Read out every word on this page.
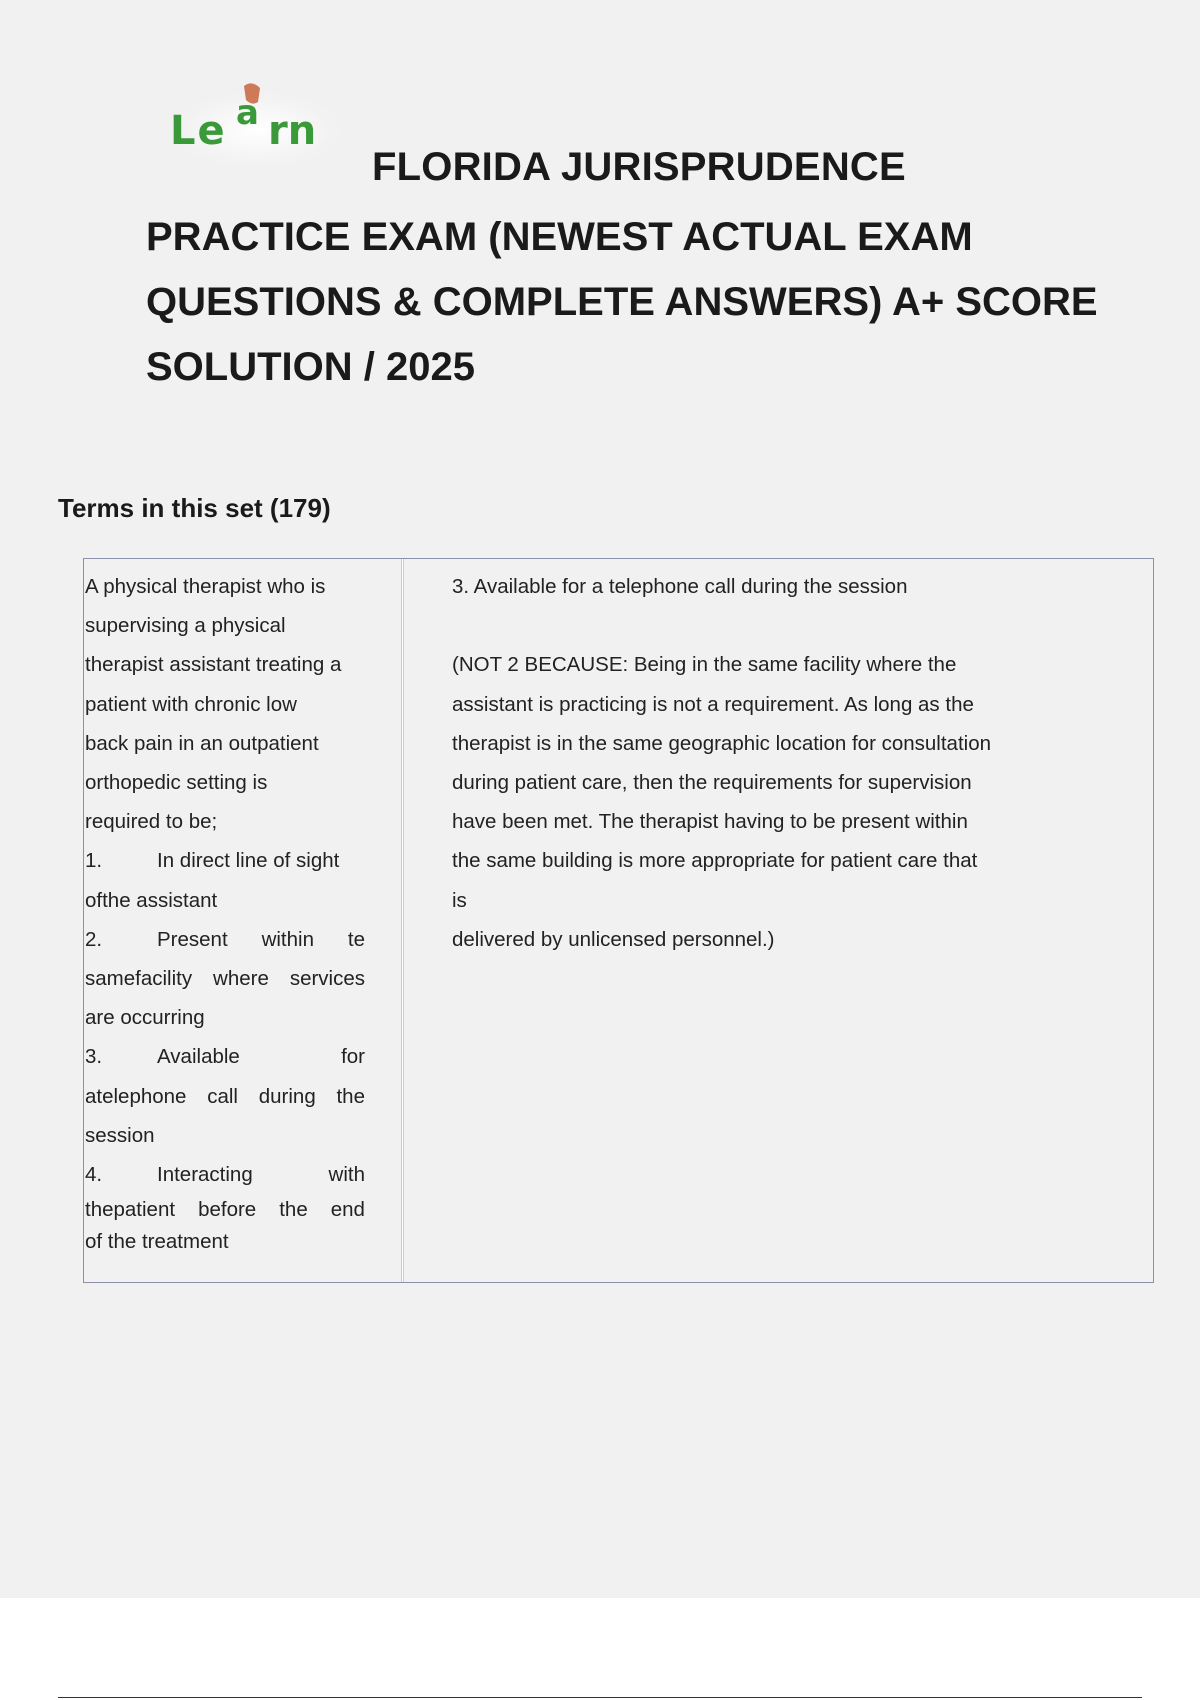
Le a rn
FLORIDA JURISPRUDENCE
PRACTICE EXAM (NEWEST ACTUAL EXAM
QUESTIONS & COMPLETE ANSWERS) A+ SCORE
SOLUTION / 2025
Terms in this set (179)
A physical therapist who is
supervising a physical
therapist assistant treating a
patient with chronic low
back pain in an outpatient
orthopedic setting is
required to be;
1.	In direct line of sight
ofthe assistant
2.	Present within te
samefacility where services
are occurring
3.	Available	for
atelephone call during the
session
4.	Interacting	with
thepatient before the end
of the treatment
3. Available for a telephone call during the session
(NOT 2 BECAUSE: Being in the same facility where the
assistant is practicing is not a requirement. As long as the
therapist is in the same geographic location for consultation
during patient care, then the requirements for supervision
have been met. The therapist having to be present within
the same building is more appropriate for patient care that
is
delivered by unlicensed personnel.)
